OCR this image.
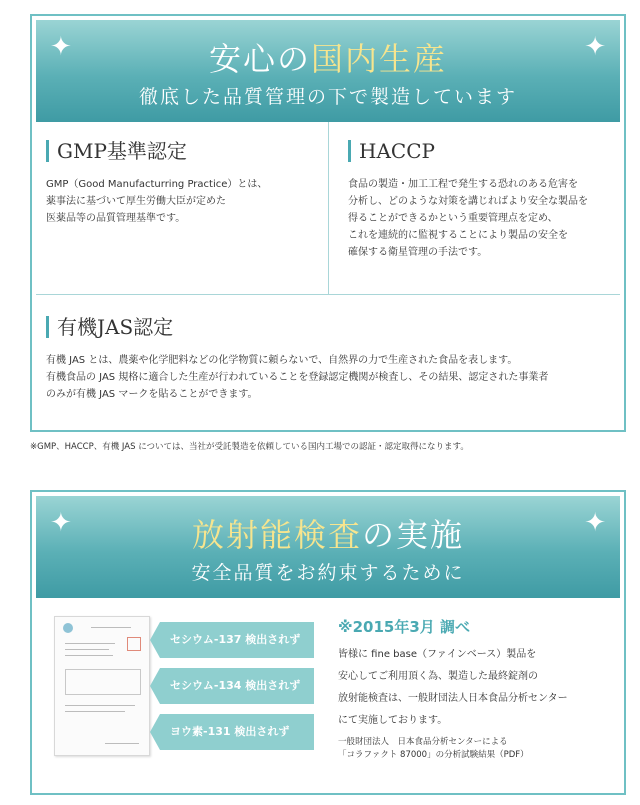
✦	✦
安心の国内生産
徹底した品質管理の下で製造しています
GMP基準認定

GMP（Good Manufacturring Practice）とは、
薬事法に基づいて厚生労働大臣が定めた
医薬品等の品質管理基準です。

HACCP

食品の製造・加工工程で発生する恐れのある危害を
分析し、どのような対策を講じればより安全な製品を
得ることができるかという重要管理点を定め、
これを連続的に監視することにより製品の安全を
確保する衛星管理の手法です。

有機JAS認定

有機 JAS とは、農薬や化学肥料などの化学物質に頼らないで、自然界の力で生産された食品を表します。
有機食品の JAS 規格に適合した生産が行われていることを登録認定機関が検査し、その結果、認定された事業者
のみが有機 JAS マークを貼ることができます。

※GMP、HACCP、有機 JAS については、当社が受託製造を依頼している国内工場での認証・認定取得になります。
✦	✦
放射能検査の実施
安全品質をお約束するために
セシウム-137 検出されず
セシウム-134 検出されず
ヨウ素-131 検出されず
※2015年3月 調べ
皆様に fine base（ファインベース）製品を
安心してご利用頂く為、製造した最終錠剤の
放射能検査は、一般財団法人日本食品分析センター
にて実施しております。
一般財団法人　日本食品分析センターによる
「コラファクト 87000」の分析試験結果（PDF）
